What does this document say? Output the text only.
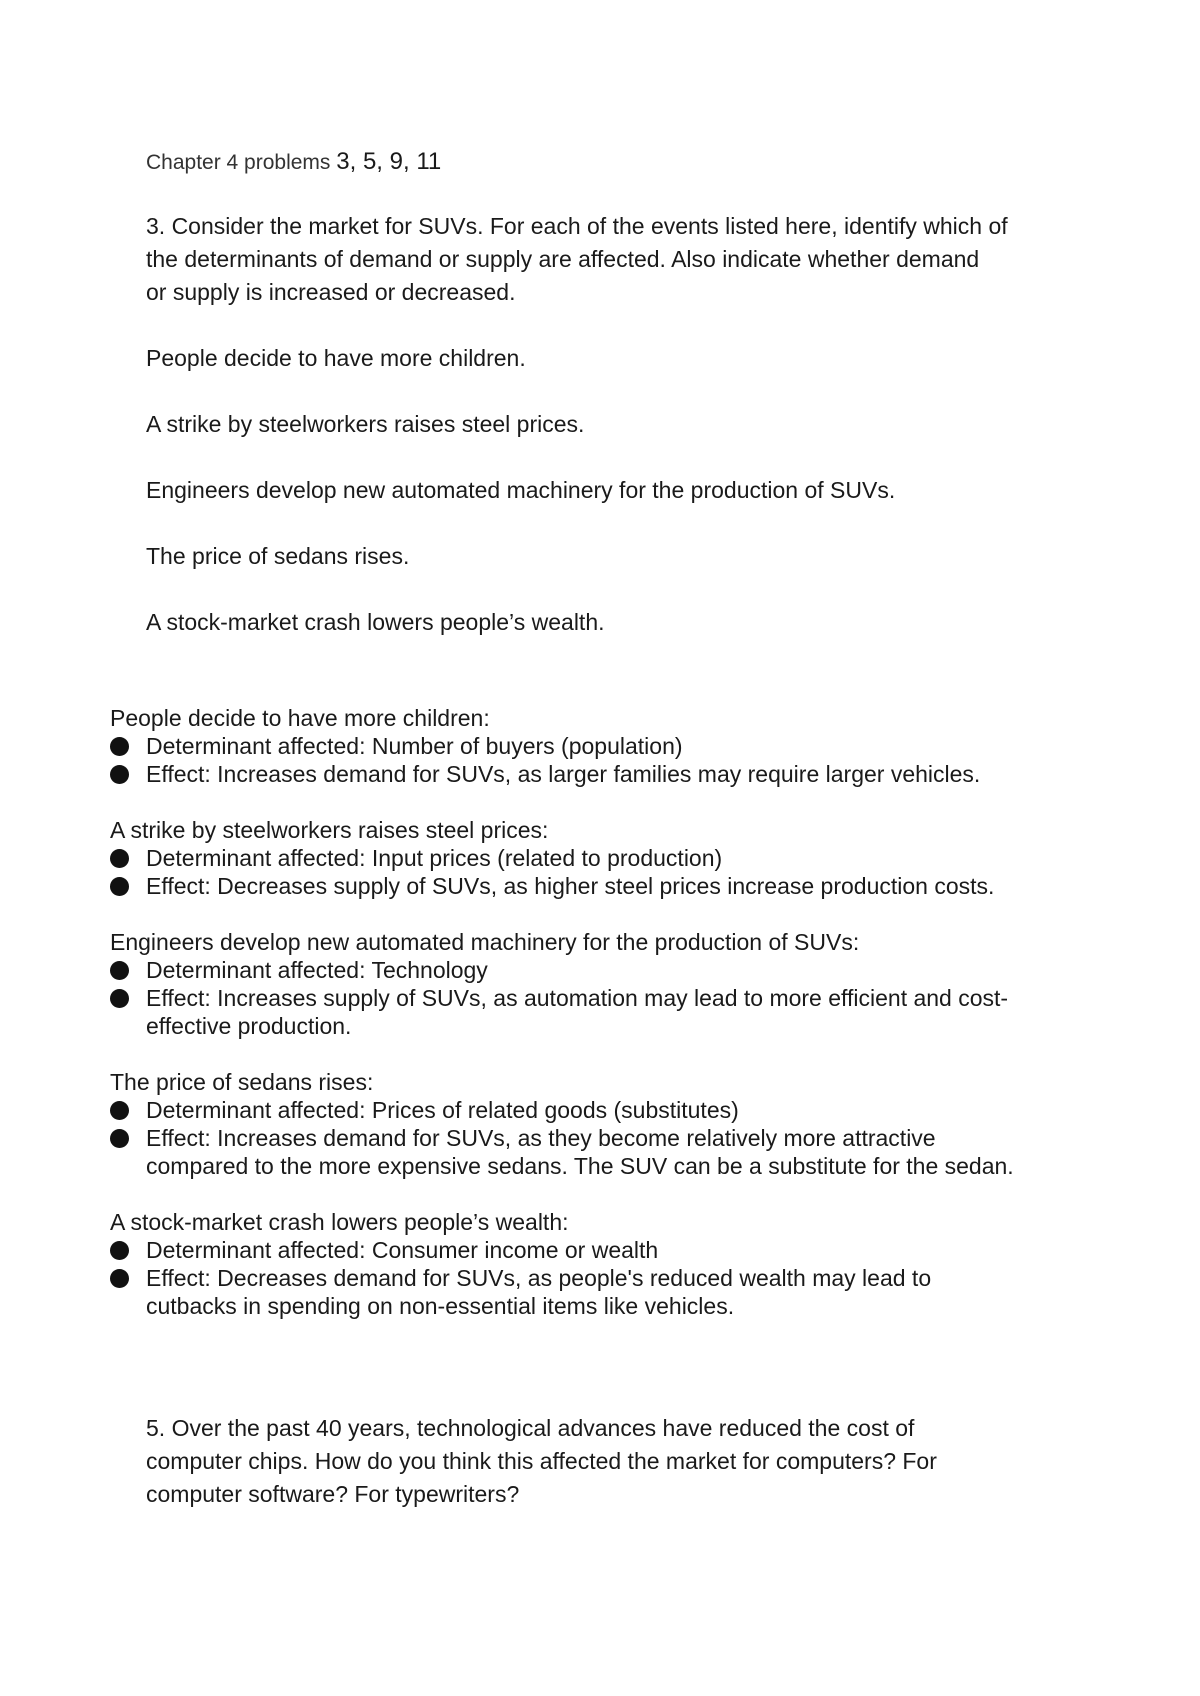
Chapter 4 problems 3, 5, 9, 11
3. Consider the market for SUVs. For each of the events listed here, identify which of
the determinants of demand or supply are affected. Also indicate whether demand
or supply is increased or decreased.
People decide to have more children.
A strike by steelworkers raises steel prices.
Engineers develop new automated machinery for the production of SUVs.
The price of sedans rises.
A stock-market crash lowers people’s wealth.
People decide to have more children:
Determinant affected: Number of buyers (population)
Effect: Increases demand for SUVs, as larger families may require larger vehicles.
A strike by steelworkers raises steel prices:
Determinant affected: Input prices (related to production)
Effect: Decreases supply of SUVs, as higher steel prices increase production costs.
Engineers develop new automated machinery for the production of SUVs:
Determinant affected: Technology
Effect: Increases supply of SUVs, as automation may lead to more efficient and cost-
effective production.
The price of sedans rises:
Determinant affected: Prices of related goods (substitutes)
Effect: Increases demand for SUVs, as they become relatively more attractive
compared to the more expensive sedans. The SUV can be a substitute for the sedan.
A stock-market crash lowers people’s wealth:
Determinant affected: Consumer income or wealth
Effect: Decreases demand for SUVs, as people's reduced wealth may lead to
cutbacks in spending on non-essential items like vehicles.
5. Over the past 40 years, technological advances have reduced the cost of
computer chips. How do you think this affected the market for computers? For
computer software? For typewriters?
